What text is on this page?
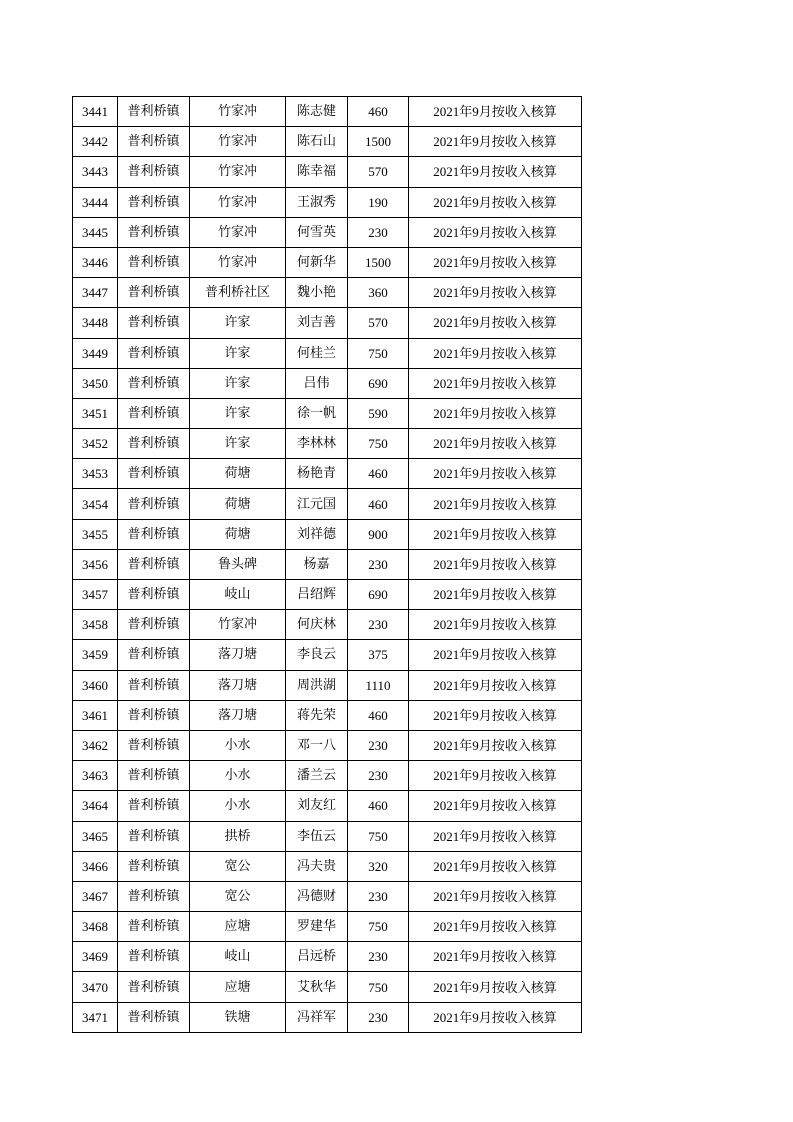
3441	普利桥镇	竹家冲	陈志健	460	2021年9月按收入核算
3442	普利桥镇	竹家冲	陈石山	1500	2021年9月按收入核算
3443	普利桥镇	竹家冲	陈幸福	570	2021年9月按收入核算
3444	普利桥镇	竹家冲	王淑秀	190	2021年9月按收入核算
3445	普利桥镇	竹家冲	何雪英	230	2021年9月按收入核算
3446	普利桥镇	竹家冲	何新华	1500	2021年9月按收入核算
3447	普利桥镇	普利桥社区	魏小艳	360	2021年9月按收入核算
3448	普利桥镇	许家	刘吉善	570	2021年9月按收入核算
3449	普利桥镇	许家	何桂兰	750	2021年9月按收入核算
3450	普利桥镇	许家	吕伟	690	2021年9月按收入核算
3451	普利桥镇	许家	徐一帆	590	2021年9月按收入核算
3452	普利桥镇	许家	李林林	750	2021年9月按收入核算
3453	普利桥镇	荷塘	杨艳青	460	2021年9月按收入核算
3454	普利桥镇	荷塘	江元国	460	2021年9月按收入核算
3455	普利桥镇	荷塘	刘祥德	900	2021年9月按收入核算
3456	普利桥镇	鲁头碑	杨嘉	230	2021年9月按收入核算
3457	普利桥镇	岐山	吕绍辉	690	2021年9月按收入核算
3458	普利桥镇	竹家冲	何庆林	230	2021年9月按收入核算
3459	普利桥镇	落刀塘	李良云	375	2021年9月按收入核算
3460	普利桥镇	落刀塘	周洪湖	1110	2021年9月按收入核算
3461	普利桥镇	落刀塘	蒋先荣	460	2021年9月按收入核算
3462	普利桥镇	小水	邓一八	230	2021年9月按收入核算
3463	普利桥镇	小水	潘兰云	230	2021年9月按收入核算
3464	普利桥镇	小水	刘友红	460	2021年9月按收入核算
3465	普利桥镇	拱桥	李伍云	750	2021年9月按收入核算
3466	普利桥镇	宽公	冯夫贵	320	2021年9月按收入核算
3467	普利桥镇	宽公	冯德财	230	2021年9月按收入核算
3468	普利桥镇	应塘	罗建华	750	2021年9月按收入核算
3469	普利桥镇	岐山	吕远桥	230	2021年9月按收入核算
3470	普利桥镇	应塘	艾秋华	750	2021年9月按收入核算
3471	普利桥镇	铁塘	冯祥军	230	2021年9月按收入核算
